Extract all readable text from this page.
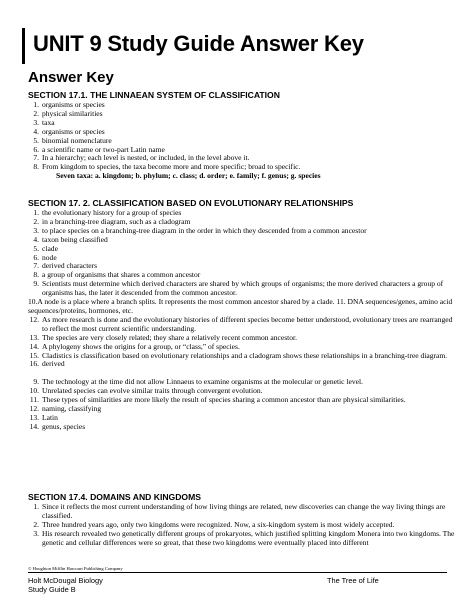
UNIT 9 Study Guide Answer Key
Answer Key
SECTION 17.1. THE LINNAEAN SYSTEM OF CLASSIFICATION
1. organisms or species
2. physical similarities
3. taxa
4. organisms or species
5. binomial nomenclature
6. a scientific name or two-part Latin name
7. In a hierarchy; each level is nested, or included, in the level above it.
8. From kingdom to species, the taxa become more and more specific; broad to specific.
Seven taxa: a. kingdom; b. phylum; c. class; d. order; e. family; f. genus; g. species
SECTION 17. 2. CLASSIFICATION BASED ON EVOLUTIONARY RELATIONSHIPS
1. the evolutionary history for a group of species
2. in a branching-tree diagram, such as a cladogram
3. to place species on a branching-tree diagram in the order in which they descended from a common ancestor
4. taxon being classified
5. clade
6. node
7. derived characters
8. a group of organisms that shares a common ancestor
9. Scientists must determine which derived characters are shared by which groups of organisms; the more derived characters a group of organisms has, the later it descended from the common ancestor.
10.A node is a place where a branch splits. It represents the most common ancestor shared by a clade. 11. DNA sequences/genes, amino acid sequences/proteins, hormones, etc.
12. As more research is done and the evolutionary histories of different species become better understood, evolutionary trees are rearranged to reflect the most current scientific understanding.
13. The species are very closely related; they share a relatively recent common ancestor.
14. A phylogeny shows the origins for a group, or “class,” of species.
15. Cladistics is classification based on evolutionary relationships and a cladogram shows these relationships in a branching-tree diagram.
16. derived
9. The technology at the time did not allow Linnaeus to examine organisms at the molecular or genetic level.
10. Unrelated species can evolve similar traits through convergent evolution.
11. These types of similarities are more likely the result of species sharing a common ancestor than are physical similarities.
12. naming, classifying
13. Latin
14. genus, species
SECTION 17.4. DOMAINS AND KINGDOMS
1. Since it reflects the most current understanding of how living things are related, new discoveries can change the way living things are classified.
2. Three hundred years ago, only two kingdoms were recognized. Now, a six-kingdom system is most widely accepted.
3. His research revealed two genetically different groups of prokaryotes, which justified splitting kingdom Monera into two kingdoms. The genetic and cellular differences were so great, that these two kingdoms were eventually placed into different
© Houghton Mifflin Harcourt Publishing Company
Holt McDougal Biology
Study Guide B
The Tree of Life
